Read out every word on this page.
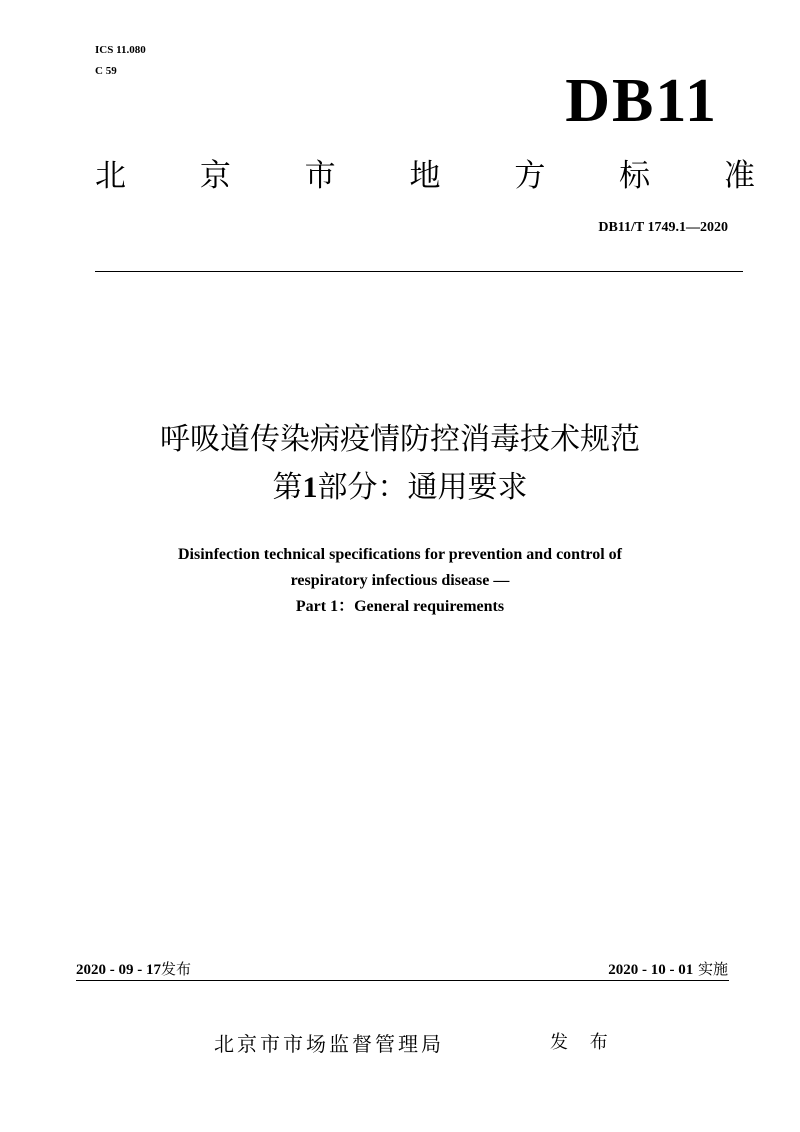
ICS 11.080
C 59	DB11
北 京 市 地 方 标 准
DB11/T 1749.1—2020
呼吸道传染病疫情防控消毒技术规范
第1部分：通用要求
Disinfection technical specifications for prevention and control of
respiratory infectious disease —
Part 1：General requirements
2020 - 09 - 17发布	2020 - 10 - 01 实施
北京市市场监督管理局	发 布
